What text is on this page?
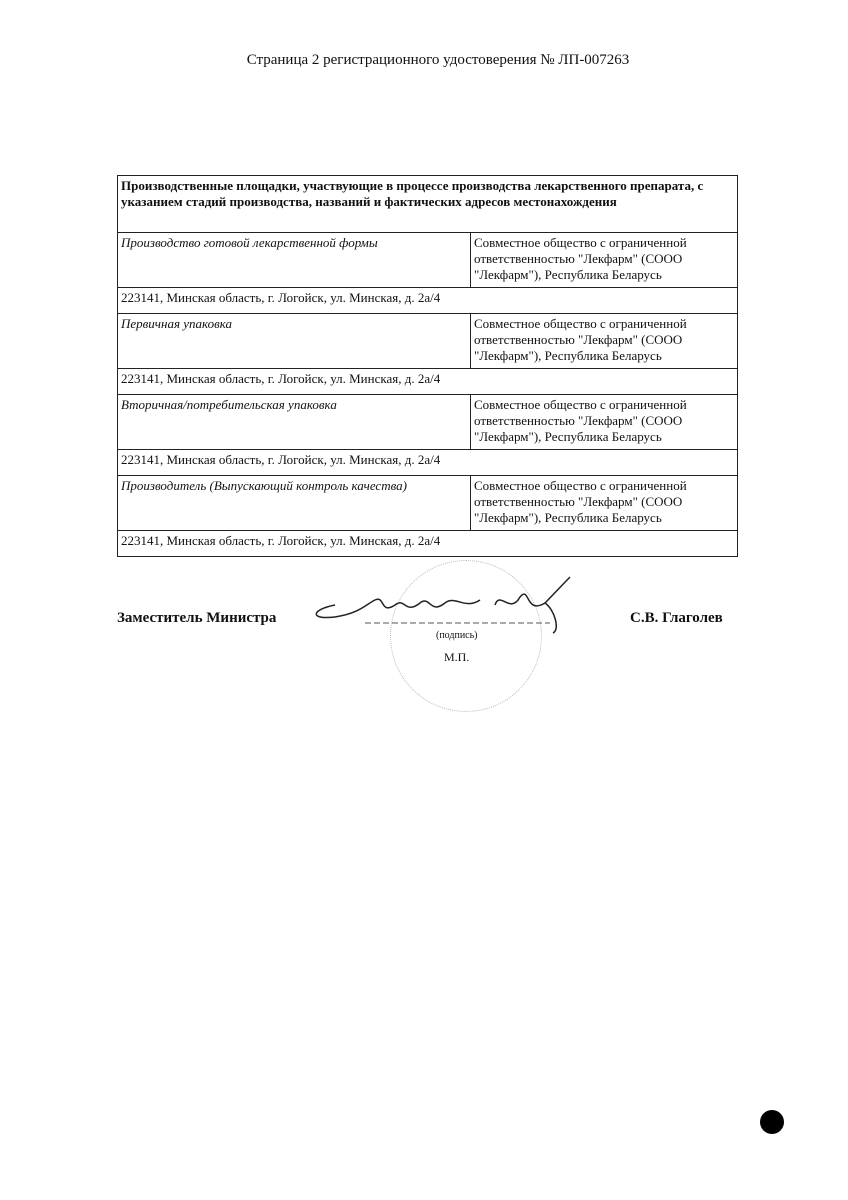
Страница 2 регистрационного удостоверения № ЛП-007263
Производственные площадки, участвующие в процессе производства лекарственного препарата, с указанием стадий производства, названий и фактических адресов местонахождения	
Производство готовой лекарственной формы	Совместное общество с ограниченной ответственностью "Лекфарм" (СООО "Лекфарм"), Республика Беларусь
223141, Минская область, г. Логойск, ул. Минская, д. 2а/4	
Первичная упаковка	Совместное общество с ограниченной ответственностью "Лекфарм" (СООО "Лекфарм"), Республика Беларусь
223141, Минская область, г. Логойск, ул. Минская, д. 2а/4	
Вторичная/потребительская упаковка	Совместное общество с ограниченной ответственностью "Лекфарм" (СООО "Лекфарм"), Республика Беларусь
223141, Минская область, г. Логойск, ул. Минская, д. 2а/4	
Производитель (Выпускающий контроль качества)	Совместное общество с ограниченной ответственностью "Лекфарм" (СООО "Лекфарм"), Республика Беларусь
223141, Минская область, г. Логойск, ул. Минская, д. 2а/4	
Заместитель Министра	С.В. Глаголев
(подпись)
М.П.
